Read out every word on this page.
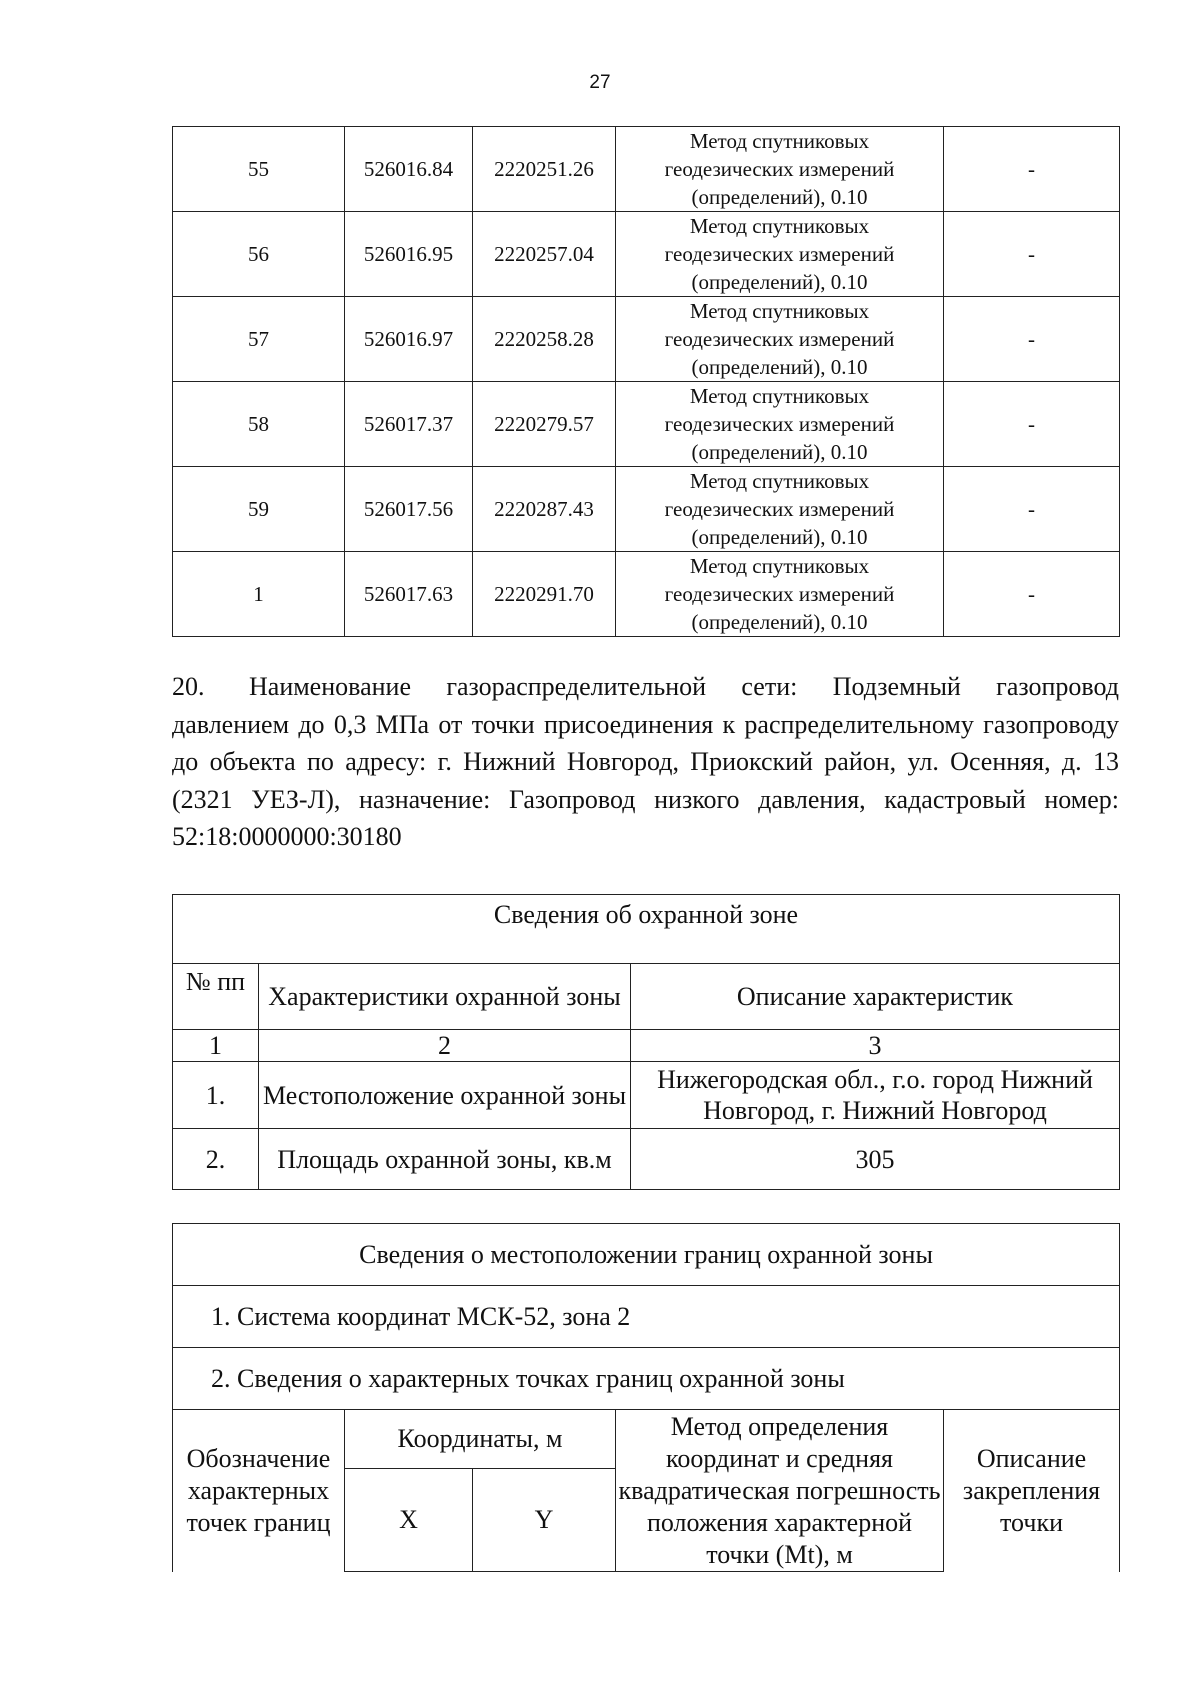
27
55	526016.84	2220251.26	Метод спутниковых
геодезических измерений
(определений), 0.10	-
56	526016.95	2220257.04	Метод спутниковых
геодезических измерений
(определений), 0.10	-
57	526016.97	2220258.28	Метод спутниковых
геодезических измерений
(определений), 0.10	-
58	526017.37	2220279.57	Метод спутниковых
геодезических измерений
(определений), 0.10	-
59	526017.56	2220287.43	Метод спутниковых
геодезических измерений
(определений), 0.10	-
1	526017.63	2220291.70	Метод спутниковых
геодезических измерений
(определений), 0.10	-
20. Наименование газораспределительной сети: Подземный газопровод давлением до 0,3 МПа от точки присоединения к распределительному газопроводу до объекта по адресу: г. Нижний Новгород, Приокский район, ул. Осенняя, д. 13 (2321 УЕЗ-Л), назначение: Газопровод низкого давления, кадастровый номер: 52:18:0000000:30180
Сведения об охранной зоне		
№ пп	Характеристики охранной зоны	Описание характеристик
1	2	3
1.	Местоположение охранной зоны	Нижегородская обл., г.о. город Нижний Новгород, г. Нижний Новгород
2.	Площадь охранной зоны, кв.м	305
Сведения о местоположении границ охранной зоны				
1. Система координат МСК-52, зона 2				
2. Сведения о характерных точках границ охранной зоны				
Обозначение характерных точек границ	Координаты, м		Метод определения координат и средняя квадратическая погрешность положения характерной точки (Mt), м	Описание закрепления точки
	X	Y		
